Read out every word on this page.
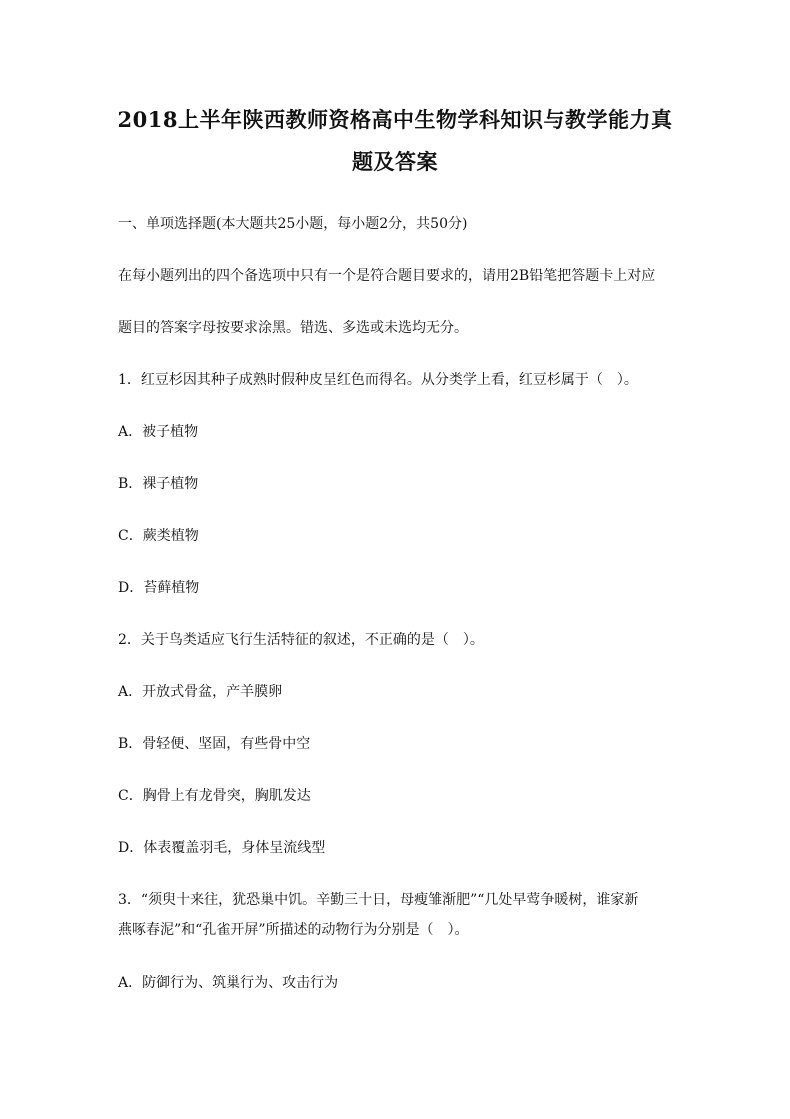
2018上半年陕西教师资格高中生物学科知识与教学能力真
题及答案
一、单项选择题(本大题共25小题，每小题2分，共50分)
在每小题列出的四个备选项中只有一个是符合题目要求的，请用2B铅笔把答题卡上对应
题目的答案字母按要求涂黑。错选、多选或未选均无分。
1．红豆杉因其种子成熟时假种皮呈红色而得名。从分类学上看，红豆杉属于（　）。
A．被子植物
B．裸子植物
C．蕨类植物
D．苔藓植物
2．关于鸟类适应飞行生活特征的叙述，不正确的是（　）。
A．开放式骨盆，产羊膜卵
B．骨轻便、坚固，有些骨中空
C．胸骨上有龙骨突，胸肌发达
D．体表覆盖羽毛，身体呈流线型
3．“须臾十来往，犹恐巢中饥。辛勤三十日，母瘦雏渐肥”“几处早莺争暖树，谁家新
燕啄春泥”和“孔雀开屏”所描述的动物行为分别是（　）。
A．防御行为、筑巢行为、攻击行为
